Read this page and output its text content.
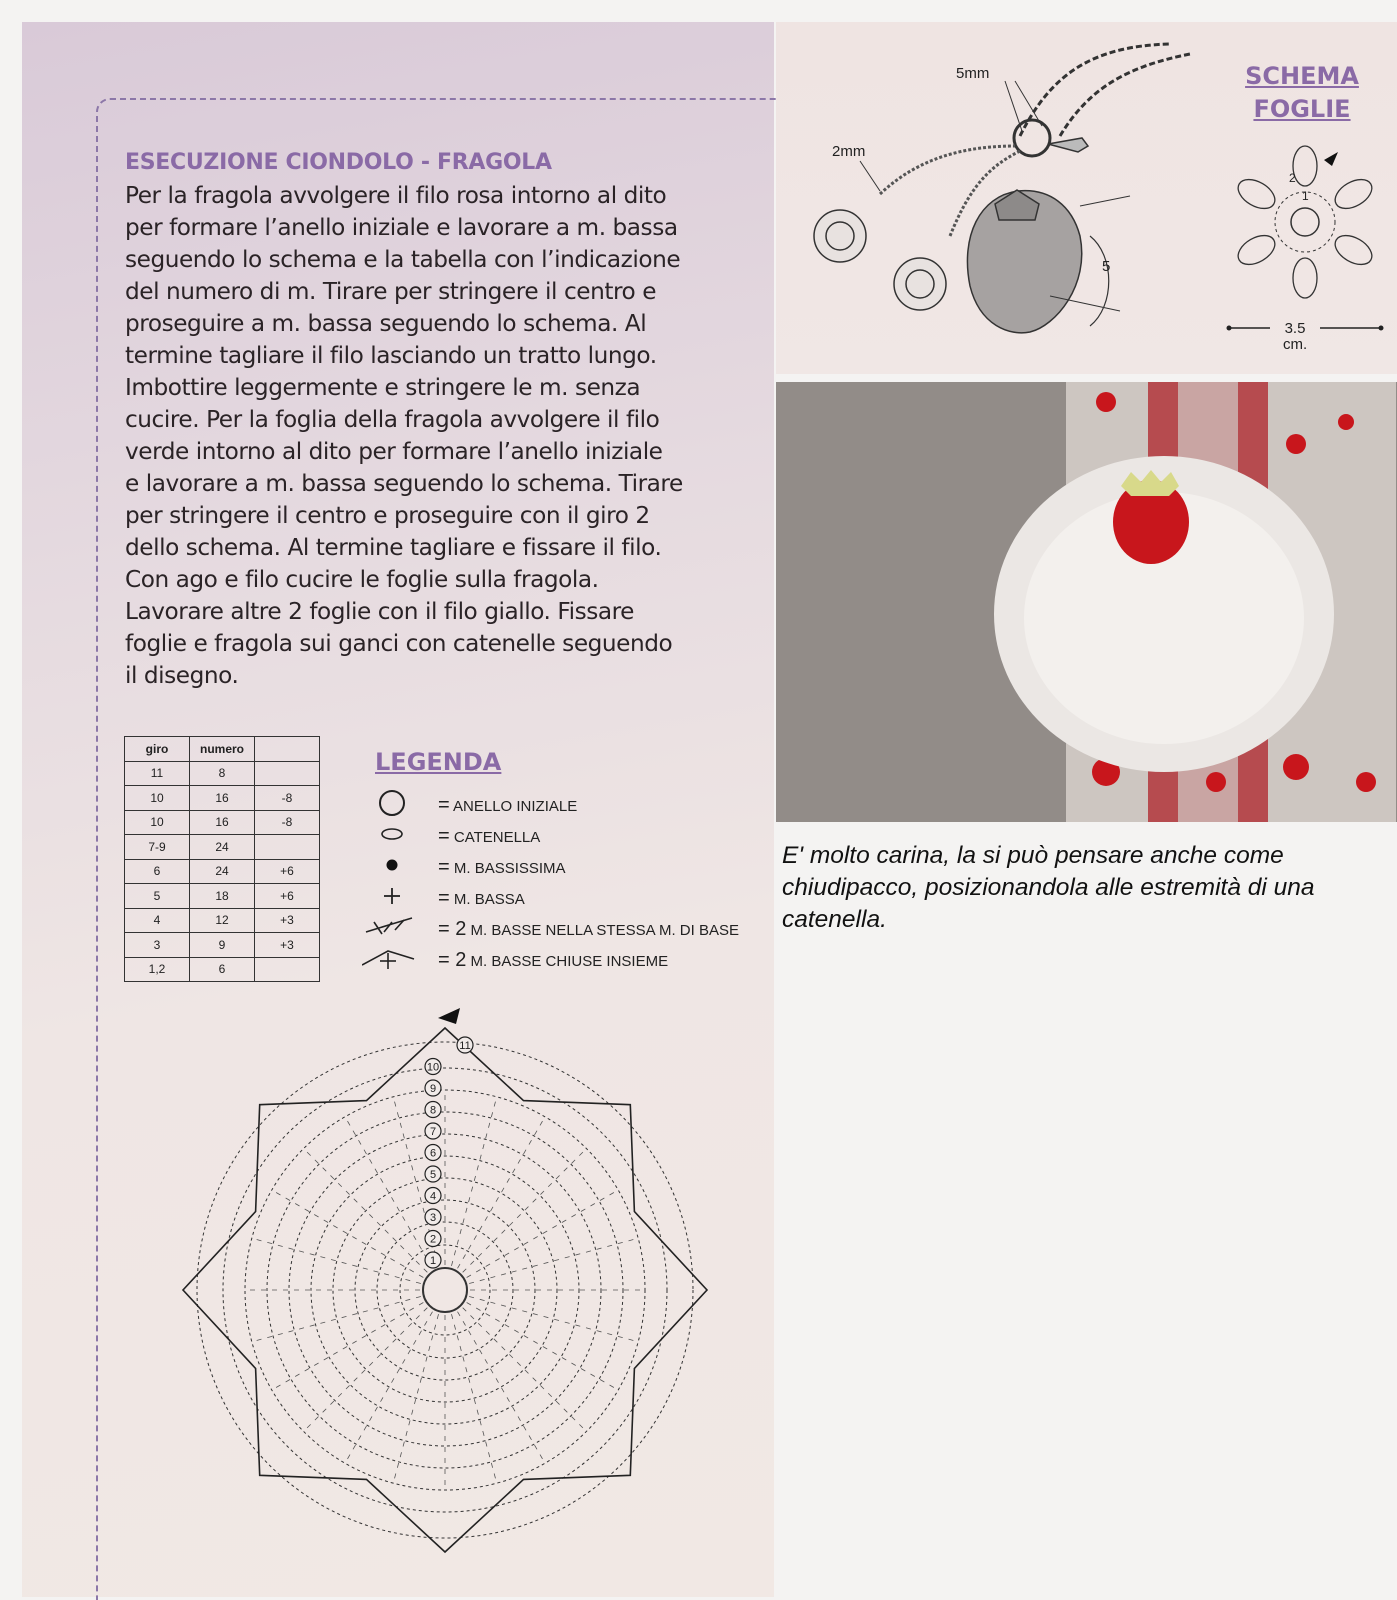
ESECUZIONE CIONDOLO - FRAGOLA
Per la fragola avvolgere il filo rosa intorno al dito
per formare l’anello iniziale e lavorare a m. bassa
seguendo lo schema e la tabella con l’indicazione
del numero di m. Tirare per stringere il centro e
proseguire a m. bassa seguendo lo schema. Al
termine tagliare il filo lasciando un tratto lungo.
Imbottire leggermente e stringere le m. senza
cucire. Per la foglia della fragola avvolgere il filo
verde intorno al dito per formare l’anello iniziale
e lavorare a m. bassa seguendo lo schema. Tirare
per stringere il centro e proseguire con il giro 2
dello schema. Al termine tagliare e fissare il filo.
Con ago e filo cucire le foglie sulla fragola.
Lavorare altre 2 foglie con il filo giallo. Fissare
foglie e fragola sui ganci con catenelle seguendo
il disegno.
giro	numero	
11	8	
10	16	-8
10	16	-8
7-9	24	
6	24	+6
5	18	+6
4	12	+3
3	9	+3
1,2	6	
LEGENDA
= ANELLO INIZIALE
= CATENELLA
= M. BASSISSIMA
= M. BASSA
= 2 M. BASSE NELLA STESSA M. DI BASE
= 2 M. BASSE CHIUSE INSIEME
1
2
3
4
5
6
7
8
9
10
11
5mm
2mm
5
SCHEMA
FOGLIE
2
1
3.5
cm.
E' molto carina, la si può pensare anche come chiudipacco, posizionandola alle estremità di una catenella.
